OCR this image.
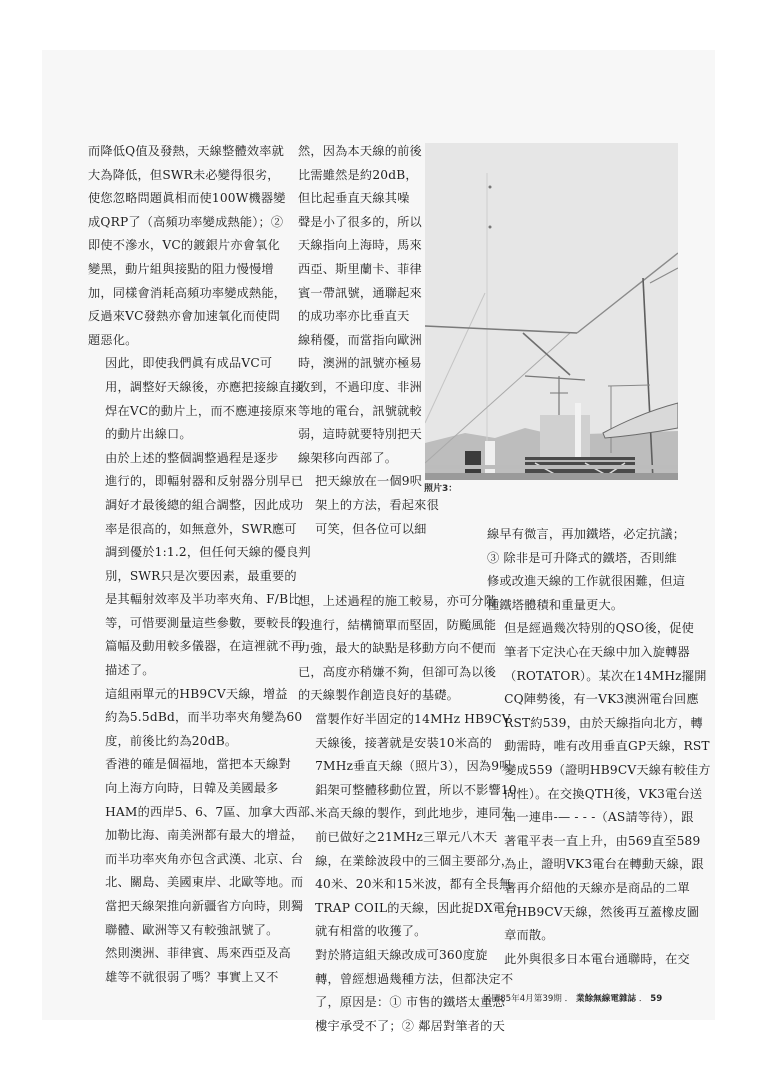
而降低Q值及發熱，天線整體效率就
大為降低，但SWR未必變得很劣，
使您忽略問題眞相而使100W機器變
成QRP了（高頻功率變成熱能）；②
即使不滲水，VC的鍍銀片亦會氧化
變黑，動片組與接點的阻力慢慢增
加，同樣會消耗高頻功率變成熱能，
反過來VC發熱亦會加速氧化而使問
題惡化。

因此，即使我們眞有成品VC可
用，調整好天線後，亦應把接線直接
焊在VC的動片上，而不應連接原來
的動片出線口。

由於上述的整個調整過程是逐步
進行的，即輻射器和反射器分別早已
調好才最後總的組合調整，因此成功
率是很高的，如無意外，SWR應可
調到優於1:1.2，但任何天線的優良判
別，SWR只是次要因素，最重要的
是其輻射效率及半功率夾角、F/B比
等，可惜要測量這些參數，要較長的
篇幅及動用較多儀器，在這裡就不再
描述了。

這組兩單元的HB9CV天線，增益
約為5.5dBd，而半功率夾角變為60
度，前後比約為20dB。

香港的確是個福地，當把本天線對
向上海方向時，日韓及美國最多
HAM的西岸5、6、7區、加拿大西部、
加勒比海、南美洲都有最大的增益，
而半功率夾角亦包含武漢、北京、台
北、關島、美國東岸、北歐等地。而
當把天線架推向新疆省方向時，則獨
聯體、歐洲等又有較強訊號了。

然則澳洲、菲律賓、馬來西亞及高
雄等不就很弱了嗎？事實上又不

然，因為本天線的前後
比需雖然是約20dB，
但比起垂直天線其噪
聲是小了很多的，所以
天線指向上海時，馬來
西亞、斯里蘭卡、菲律
賓一帶訊號，通聯起來
的成功率亦比垂直天
線稍優，而當指向歐洲
時，澳洲的訊號亦極易
收到，不過印度、非洲
等地的電台，訊號就較
弱，這時就要特別把天
線架移向西部了。

把天線放在一個9呎
架上的方法，看起來很
可笑，但各位可以細

想，上述過程的施工較易，亦可分階
段進行，結構簡單而堅固，防颱風能
力強，最大的缺點是移動方向不便而
已，高度亦稍嫌不夠，但卻可為以後
的天線製作創造良好的基礎。

當製作好半固定的14MHz HB9CV
天線後，接著就是安裝10米高的
7MHz垂直天線（照片3），因為9呎
鋁架可整體移動位置，所以不影響10
米高天線的製作，到此地步，連同先
前已做好之21MHz三單元八木天
線，在業餘波段中的三個主要部分，
40米、20米和15米波，都有全長無
TRAP COIL的天線，因此捉DX電台
就有相當的收獲了。

對於將這組天線改成可360度旋
轉，曾經想過幾種方法，但都決定不
了，原因是：① 市售的鐵塔太重恐
樓宇承受不了；② 鄰居對筆者的天

線早有微言，再加鐵塔，必定抗議；
③ 除非是可升降式的鐵塔，否則維
修或改進天線的工作就很困難，但這
種鐵塔體積和重量更大。

但是經過幾次特別的QSO後，促使
筆者下定決心在天線中加入旋轉器
（ROTATOR）。某次在14MHz擺開
CQ陣勢後，有一VK3澳洲電台回應
RST約539，由於天線指向北方，轉
動需時，唯有改用垂直GP天線，RST
變成559（證明HB9CV天線有較佳方
向性）。在交換QTH後，VK3電台送
出一連串-— - - -（AS請等待），跟
著電平表一直上升，由569直至589
為止，證明VK3電台在轉動天線，跟
著再介紹他的天線亦是商品的二單
元HB9CV天線，然後再互蓋橡皮圖
章而散。

此外與很多日本電台通聯時，在交

照片3：
民國85年4月第39期 ． 業餘無線電雜誌 ． 59
